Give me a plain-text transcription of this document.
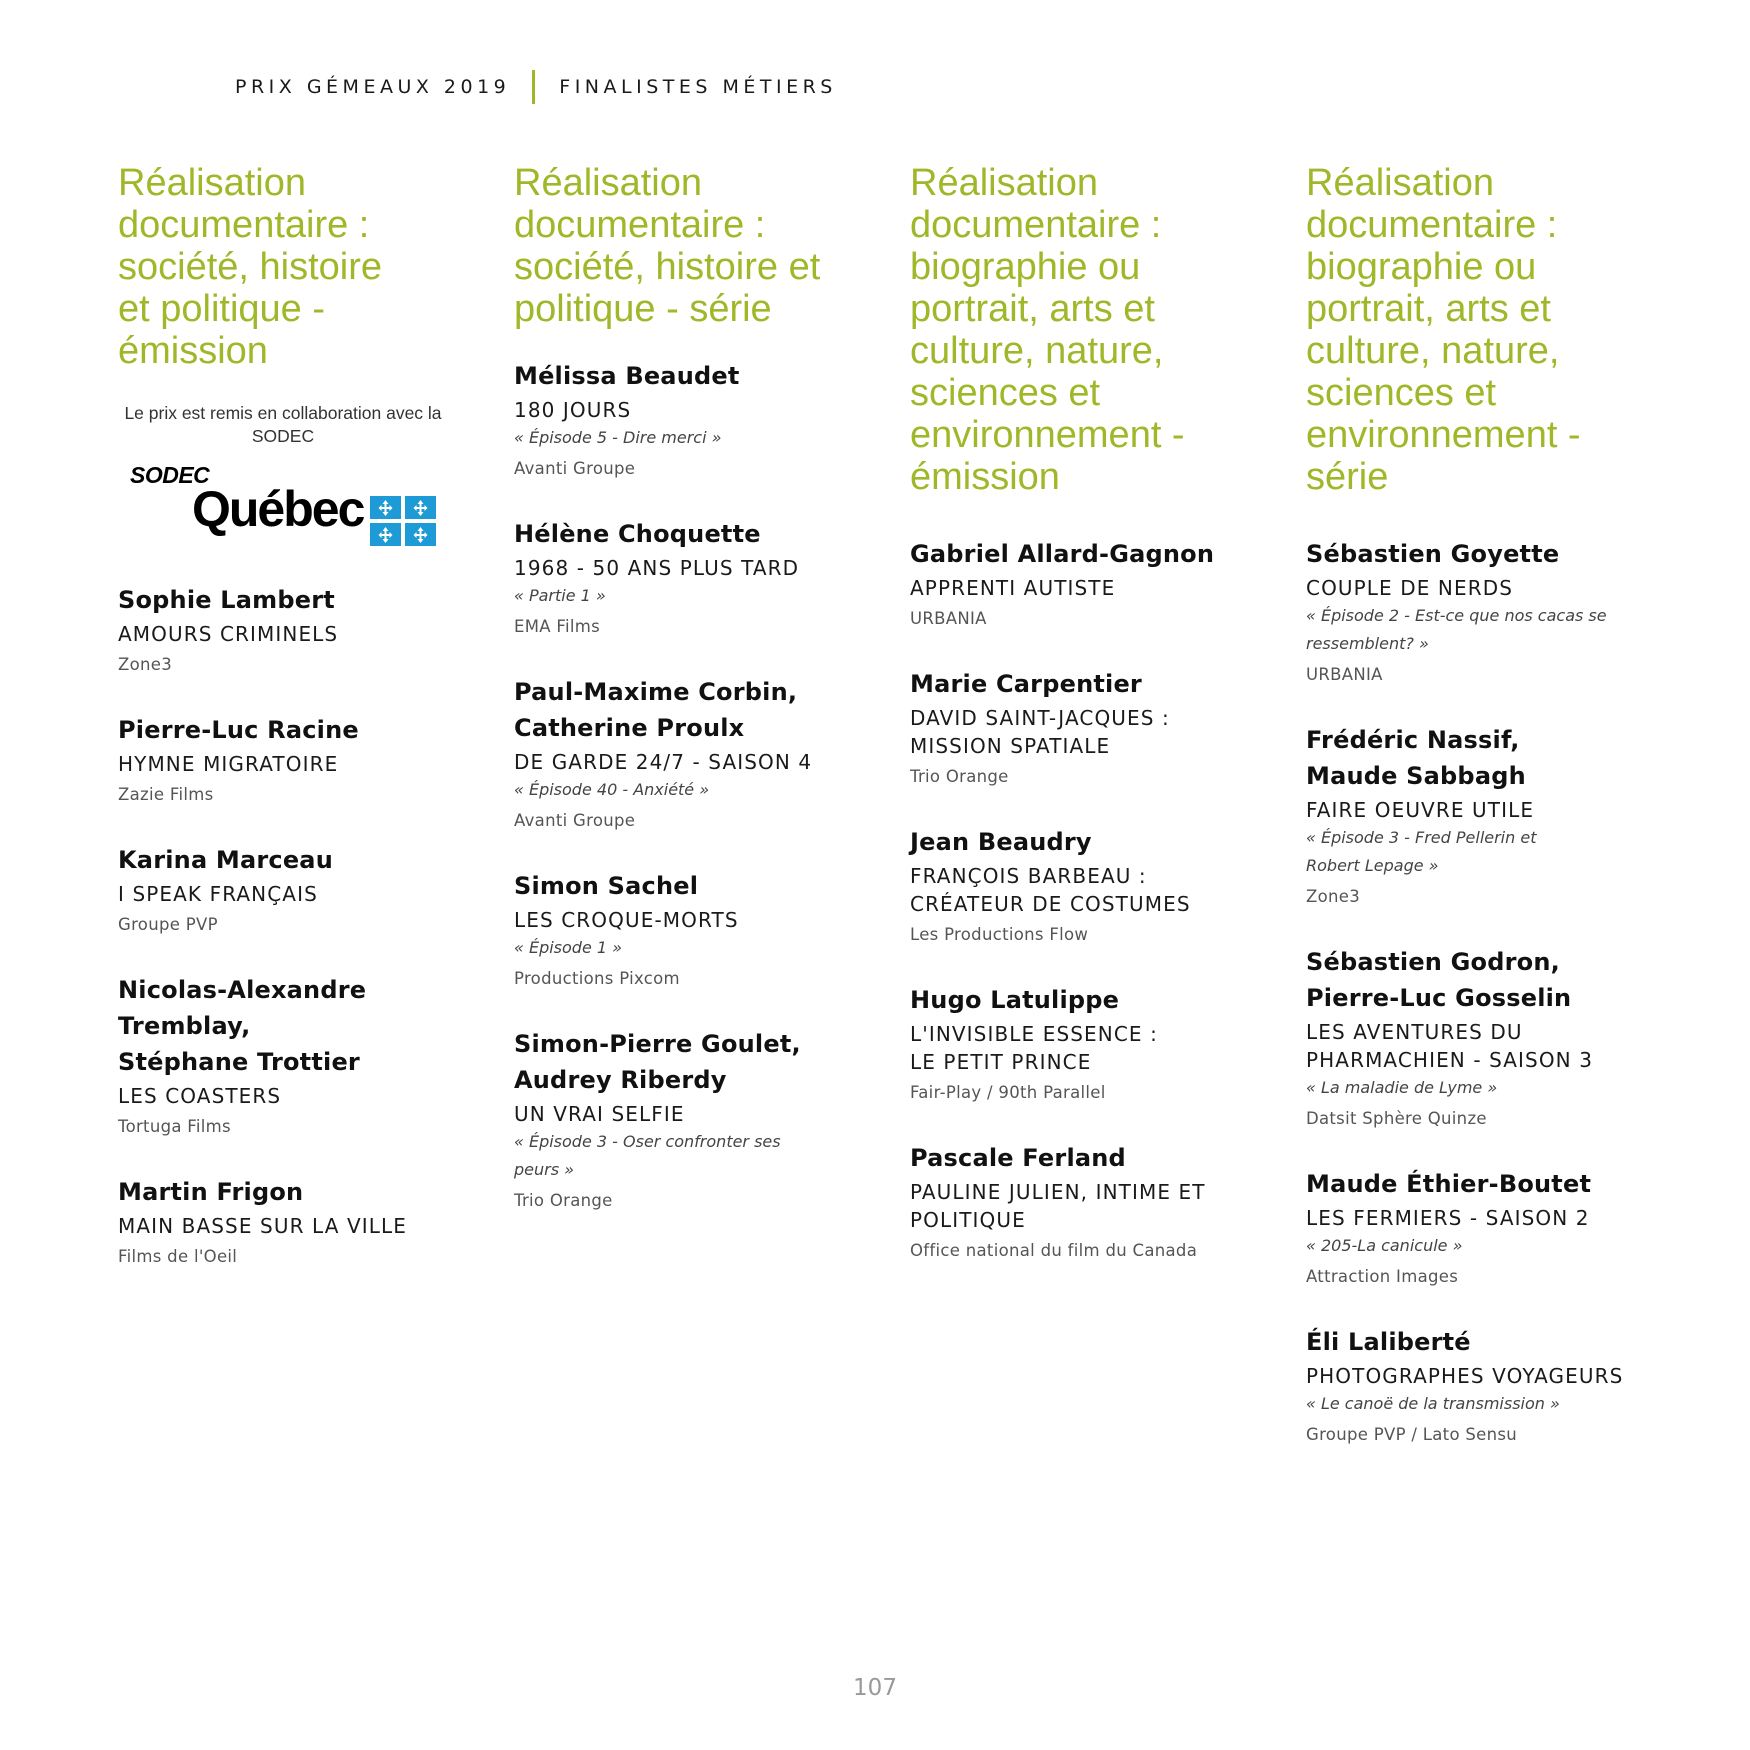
PRIX GÉMEAUX 2019	FINALISTES MÉTIERS
Réalisation documentaire : société, histoire et politique - émission
Le prix est remis en collaboration avec la SODEC
SODEC
Québec
Sophie Lambert
AMOURS CRIMINELS
Zone3
Pierre-Luc Racine
HYMNE MIGRATOIRE
Zazie Films
Karina Marceau
I SPEAK FRANÇAIS
Groupe PVP
Nicolas-Alexandre Tremblay, Stéphane Trottier
LES COASTERS
Tortuga Films
Martin Frigon
MAIN BASSE SUR LA VILLE
Films de l'Oeil
Réalisation documentaire : société, histoire et politique - série
Mélissa Beaudet
180 JOURS
« Épisode 5 - Dire merci »
Avanti Groupe
Hélène Choquette
1968 - 50 ANS PLUS TARD
« Partie 1 »
EMA Films
Paul-Maxime Corbin, Catherine Proulx
DE GARDE 24/7 - SAISON 4
« Épisode 40 - Anxiété »
Avanti Groupe
Simon Sachel
LES CROQUE-MORTS
« Épisode 1 »
Productions Pixcom
Simon-Pierre Goulet, Audrey Riberdy
UN VRAI SELFIE
« Épisode 3 - Oser confronter ses peurs »
Trio Orange
Réalisation documentaire : biographie ou portrait, arts et culture, nature, sciences et environnement - émission
Gabriel Allard-Gagnon
APPRENTI AUTISTE
URBANIA
Marie Carpentier
DAVID SAINT-JACQUES : MISSION SPATIALE
Trio Orange
Jean Beaudry
FRANÇOIS BARBEAU : CRÉATEUR DE COSTUMES
Les Productions Flow
Hugo Latulippe
L'INVISIBLE ESSENCE : LE PETIT PRINCE
Fair-Play / 90th Parallel
Pascale Ferland
PAULINE JULIEN, INTIME ET POLITIQUE
Office national du film du Canada
Réalisation documentaire : biographie ou portrait, arts et culture, nature, sciences et environnement - série
Sébastien Goyette
COUPLE DE NERDS
« Épisode 2 - Est-ce que nos cacas se ressemblent? »
URBANIA
Frédéric Nassif, Maude Sabbagh
FAIRE OEUVRE UTILE
« Épisode 3 - Fred Pellerin et Robert Lepage »
Zone3
Sébastien Godron, Pierre-Luc Gosselin
LES AVENTURES DU PHARMACHIEN - SAISON 3
« La maladie de Lyme »
Datsit Sphère Quinze
Maude Éthier-Boutet
LES FERMIERS - SAISON 2
« 205-La canicule »
Attraction Images
Éli Laliberté
PHOTOGRAPHES VOYAGEURS
« Le canoë de la transmission »
Groupe PVP / Lato Sensu
107
